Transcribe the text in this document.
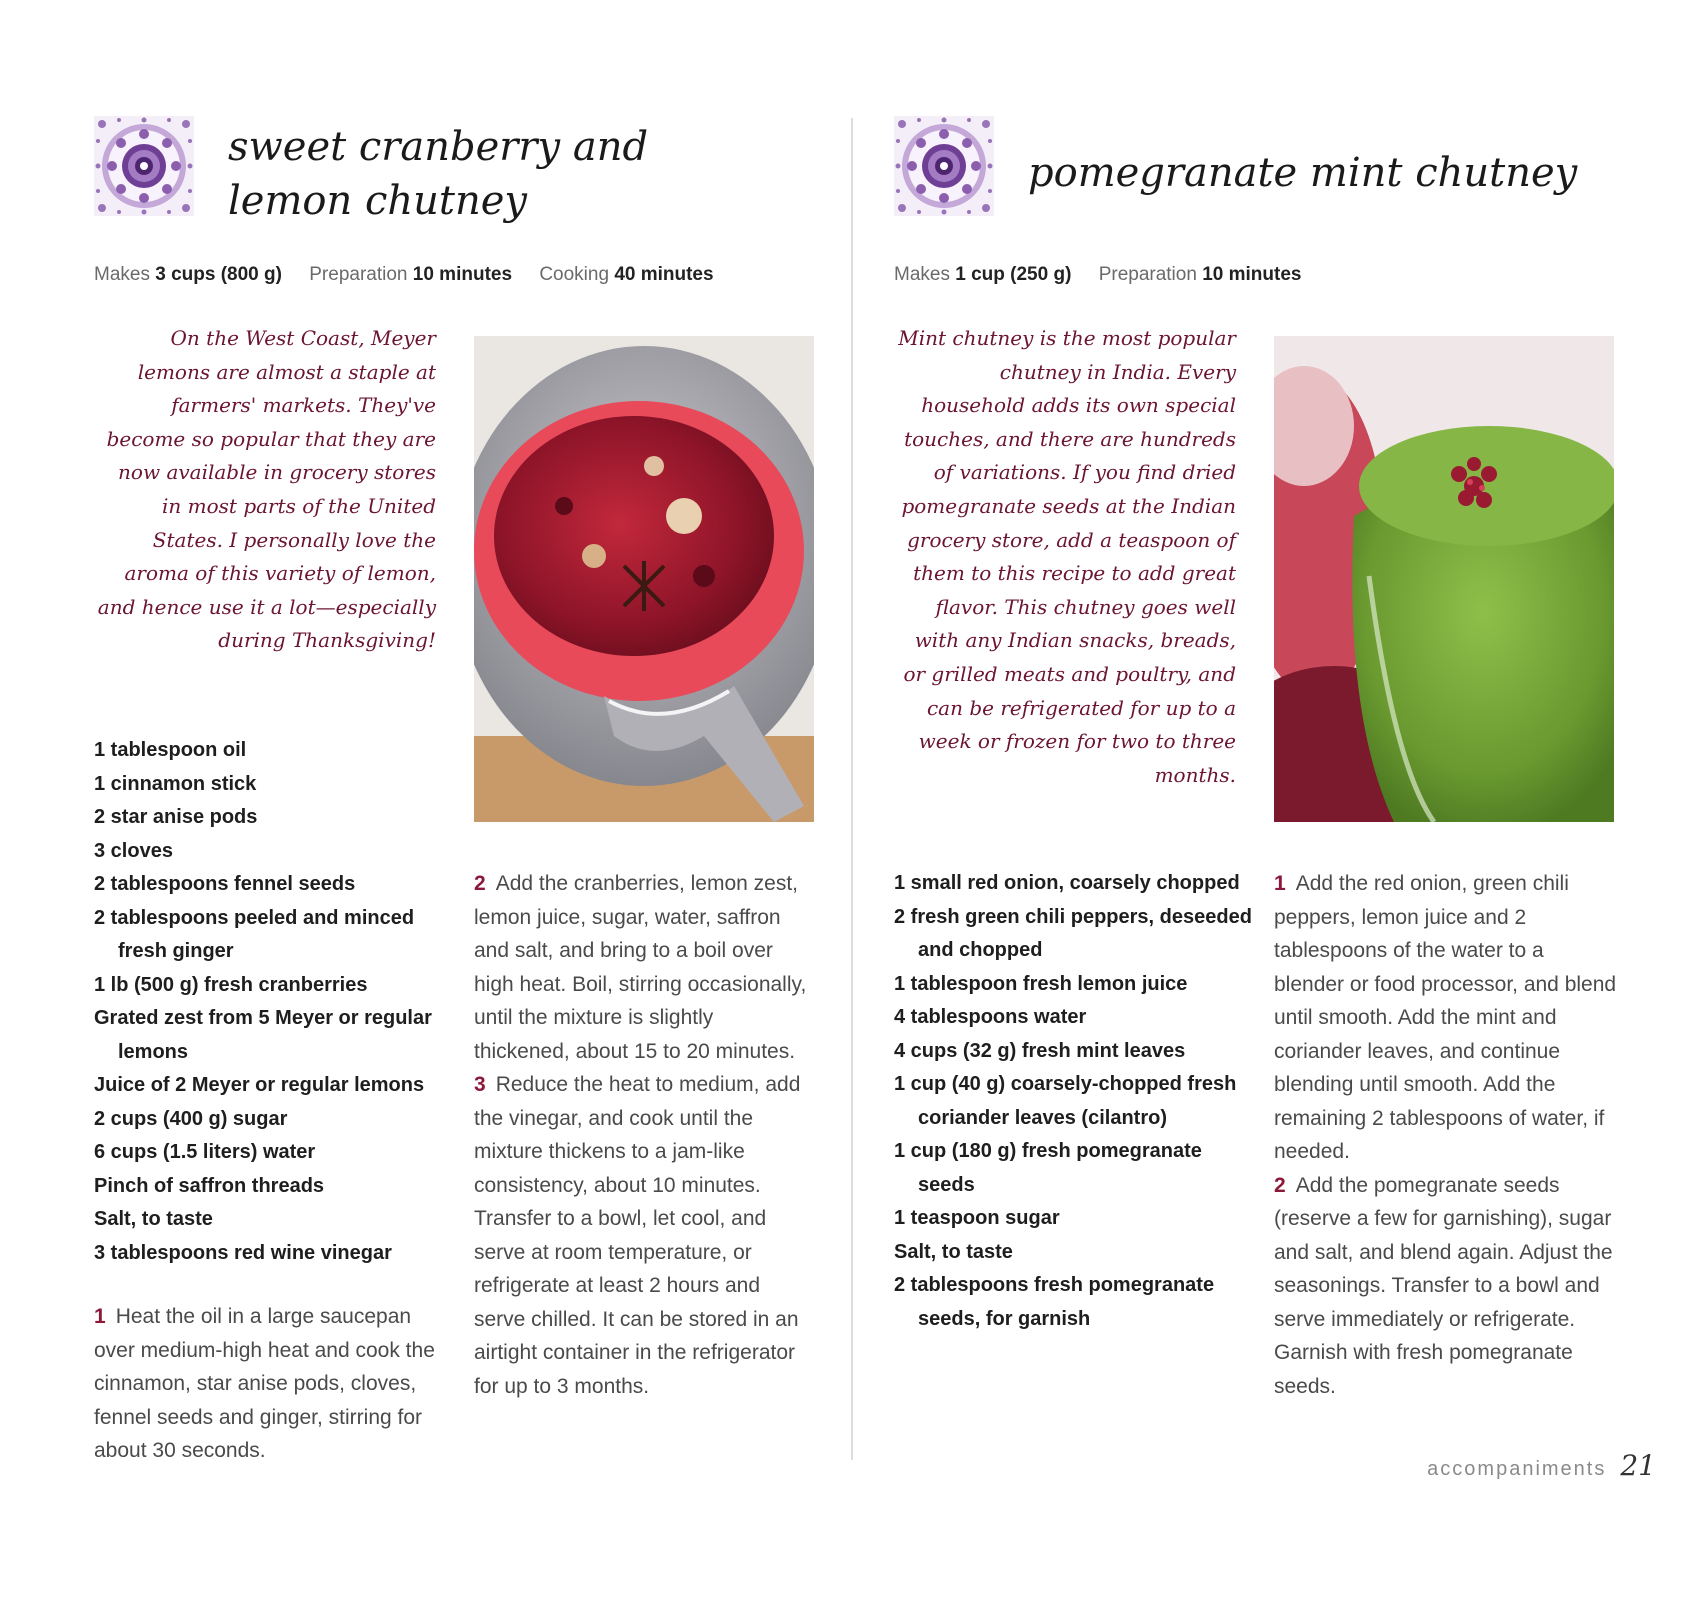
sweet cranberry and
lemon chutney
Makes 3 cups (800 g) Preparation 10 minutes Cooking 40 minutes

On the West Coast, Meyer lemons are almost a staple at farmers' markets. They've become so popular that they are now available in grocery stores in most parts of the United States. I personally love the aroma of this variety of lemon, and hence use it a lot—especially during Thanksgiving!

1 tablespoon oil
1 cinnamon stick
2 star anise pods
3 cloves
2 tablespoons fennel seeds
2 tablespoons peeled and minced fresh ginger
1 lb (500 g) fresh cranberries
Grated zest from 5 Meyer or regular lemons
Juice of 2 Meyer or regular lemons
2 cups (400 g) sugar
6 cups (1.5 liters) water
Pinch of saffron threads
Salt, to taste
3 tablespoons red wine vinegar

1 Heat the oil in a large saucepan over medium-high heat and cook the cinnamon, star anise pods, cloves, fennel seeds and ginger, stirring for about 30 seconds.

2 Add the cranberries, lemon zest, lemon juice, sugar, water, saffron and salt, and bring to a boil over high heat. Boil, stirring occasionally, until the mixture is slightly thickened, about 15 to 20 minutes.

3 Reduce the heat to medium, add the vinegar, and cook until the mixture thickens to a jam-like consistency, about 10 minutes. Transfer to a bowl, let cool, and serve at room temperature, or refrigerate at least 2 hours and serve chilled. It can be stored in an airtight container in the refrigerator for up to 3 months.

pomegranate mint chutney
Makes 1 cup (250 g) Preparation 10 minutes

Mint chutney is the most popular chutney in India. Every household adds its own special touches, and there are hundreds of variations. If you find dried pomegranate seeds at the Indian grocery store, add a teaspoon of them to this recipe to add great flavor. This chutney goes well with any Indian snacks, breads, or grilled meats and poultry, and can be refrigerated for up to a week or frozen for two to three months.

1 small red onion, coarsely chopped
2 fresh green chili peppers, deseeded and chopped
1 tablespoon fresh lemon juice
4 tablespoons water
4 cups (32 g) fresh mint leaves
1 cup (40 g) coarsely-chopped fresh coriander leaves (cilantro)
1 cup (180 g) fresh pomegranate seeds
1 teaspoon sugar
Salt, to taste
2 tablespoons fresh pomegranate seeds, for garnish

1 Add the red onion, green chili peppers, lemon juice and 2 tablespoons of the water to a blender or food processor, and blend until smooth. Add the mint and coriander leaves, and continue blending until smooth. Add the remaining 2 tablespoons of water, if needed.

2 Add the pomegranate seeds (reserve a few for garnishing), sugar and salt, and blend again. Adjust the seasonings. Transfer to a bowl and serve immediately or refrigerate. Garnish with fresh pomegranate seeds.

accompaniments 21
